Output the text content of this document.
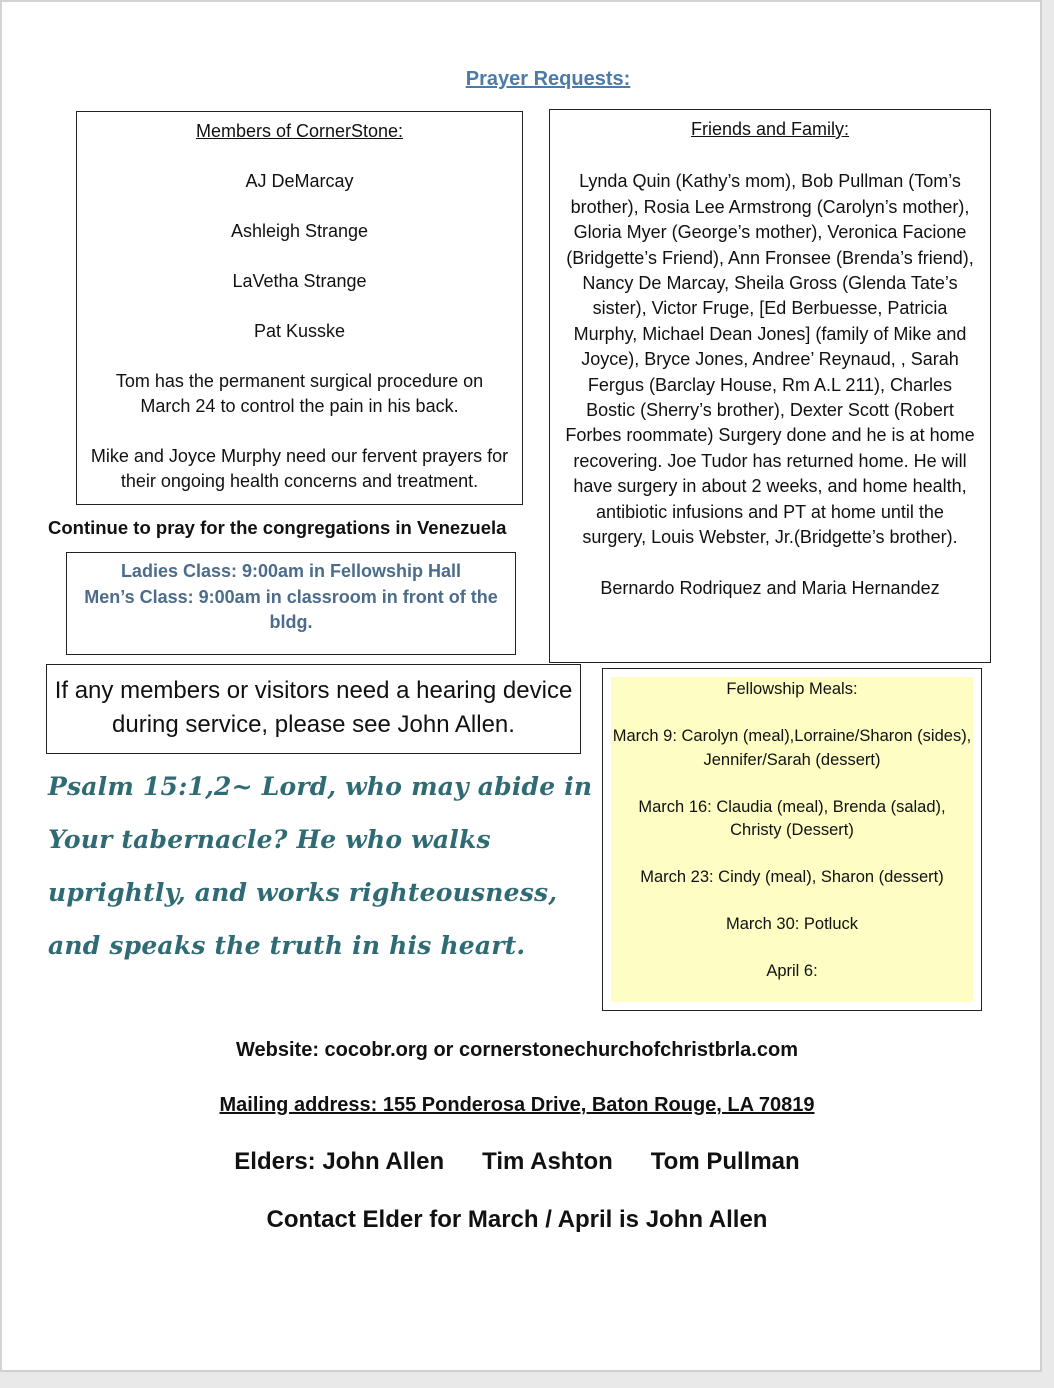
Prayer Requests:
Members of CornerStone:
AJ DeMarcay
Ashleigh Strange
LaVetha Strange
Pat Kusske
Tom has the permanent surgical procedure on March 24 to control the pain in his back.
Mike and Joyce Murphy need our fervent prayers for their ongoing health concerns and treatment.
Friends and Family:
Lynda Quin (Kathy’s mom), Bob Pullman (Tom’s brother), Rosia Lee Armstrong (Carolyn’s mother), Gloria Myer (George’s mother), Veronica Facione (Bridgette’s Friend), Ann Fronsee (Brenda’s friend), Nancy De Marcay, Sheila Gross (Glenda Tate’s sister), Victor Fruge, [Ed Berbuesse, Patricia Murphy, Michael Dean Jones] (family of Mike and Joyce), Bryce Jones, Andree’ Reynaud, , Sarah Fergus (Barclay House, Rm A.L 211), Charles Bostic (Sherry’s brother), Dexter Scott (Robert Forbes roommate) Surgery done and he is at home recovering. Joe Tudor has returned home. He will have surgery in about 2 weeks, and home health, antibiotic infusions and PT at home until the surgery, Louis Webster, Jr.(Bridgette’s brother).
Bernardo Rodriquez and Maria Hernandez
Continue to pray for the congregations in Venezuela
Ladies Class: 9:00am in Fellowship Hall
Men’s Class: 9:00am in classroom in front of the bldg.
If any members or visitors need a hearing device during service, please see John Allen.
Psalm 15:1,2~ Lord, who may abide in Your tabernacle? He who walks uprightly, and works righteousness, and speaks the truth in his heart.
Fellowship Meals:
March 9: Carolyn (meal),Lorraine/Sharon (sides), Jennifer/Sarah (dessert)
March 16: Claudia (meal), Brenda (salad), Christy (Dessert)
March 23: Cindy (meal), Sharon (dessert)
March 30: Potluck
April 6:
Website: cocobr.org or cornerstonechurchofchristbrla.com
Mailing address: 155 Ponderosa Drive, Baton Rouge, LA 70819
Elders: John Allen Tim Ashton Tom Pullman
Contact Elder for March / April is John Allen
